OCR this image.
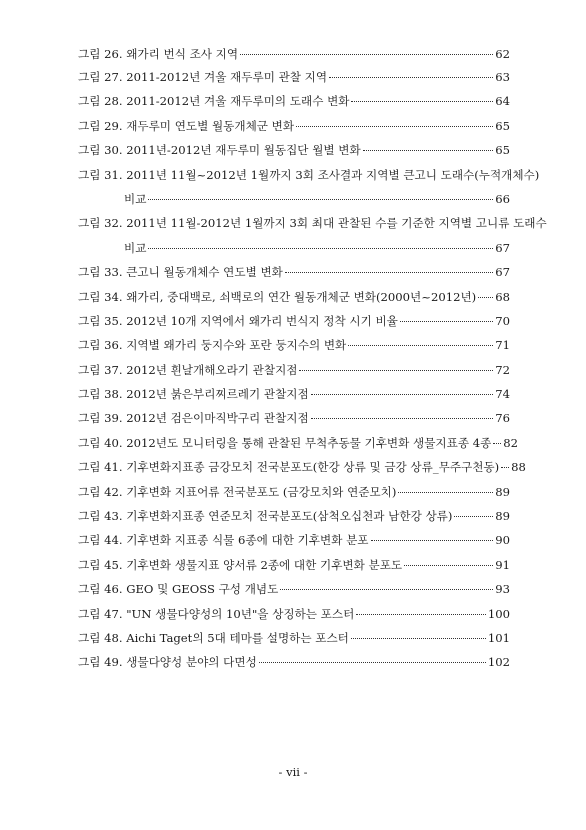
그림 26. 왜가리 번식 조사 지역	62
그림 27. 2011-2012년 겨울 재두루미 관찰 지역	63
그림 28. 2011-2012년 겨울 재두루미의 도래수 변화	64
그림 29. 재두루미 연도별 월동개체군 변화	65
그림 30. 2011년-2012년 재두루미 월동집단 월별 변화	65
그림 31. 2011년 11월~2012년 1월까지 3회 조사결과 지역별 큰고니 도래수(누적개체수)
비교	66
그림 32. 2011년 11월-2012년 1월까지 3회 최대 관찰된 수를 기준한 지역별 고니류 도래수
비교	67
그림 33. 큰고니 월동개체수 연도별 변화	67
그림 34. 왜가리, 중대백로, 쇠백로의 연간 월동개체군 변화(2000년~2012년) 68
그림 35. 2012년 10개 지역에서 왜가리 번식지 정착 시기 비율	70
그림 36. 지역별 왜가리 둥지수와 포란 둥지수의 변화	71
그림 37. 2012년 흰날개해오라기 관찰지점	72
그림 38. 2012년 붉은부리찌르레기 관찰지점	74
그림 39. 2012년 검은이마직박구리 관찰지점	76
그림 40. 2012년도 모니터링을 통해 관찰된 무척추동물 기후변화 생물지표종 4종 82
그림 41. 기후변화지표종 금강모치 전국분포도(한강 상류 및 금강 상류_무주구천동) 88
그림 42. 기후변화 지표어류 전국분포도 (금강모치와 연준모치)	89
그림 43. 기후변화지표종 연준모치 전국분포도(삼척오십천과 남한강 상류)	89
그림 44. 기후변화 지표종 식물 6종에 대한 기후변화 분포	90
그림 45. 기후변화 생물지표 양서류 2종에 대한 기후변화 분포도	91
그림 46. GEO 및 GEOSS 구성 개념도	93
그림 47. "UN 생물다양성의 10년"을 상징하는 포스터	100
그림 48. Aichi Taget의 5대 테마를 설명하는 포스터	101
그림 49. 생물다양성 분야의 다면성	102
- vii -
